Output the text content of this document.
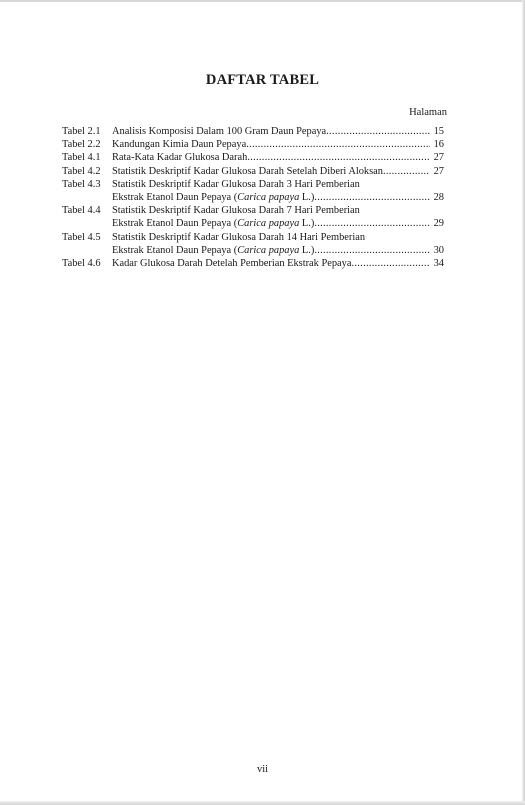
DAFTAR TABEL
Halaman
Tabel 2.1	Analisis Komposisi Dalam 100 Gram Daun Pepaya .....	15
Tabel 2.2	Kandungan Kimia Daun Pepaya .....	16
Tabel 4.1	Rata-Kata Kadar Glukosa Darah .....	27
Tabel 4.2	Statistik Deskriptif Kadar Glukosa Darah Setelah Diberi Aloksan .....	27
Tabel 4.3	Statistik Deskriptif Kadar Glukosa Darah 3 Hari Pemberian
Ekstrak Etanol Daun Pepaya (Carica papaya L.) .....	28
Tabel 4.4	Statistik Deskriptif Kadar Glukosa Darah 7 Hari Pemberian
Ekstrak Etanol Daun Pepaya (Carica papaya L.) .....	29
Tabel 4.5	Statistik Deskriptif Kadar Glukosa Darah 14 Hari Pemberian
Ekstrak Etanol Daun Pepaya (Carica papaya L.) .....	30
Tabel 4.6	Kadar Glukosa Darah Detelah Pemberian Ekstrak Pepaya .....	34
vii
